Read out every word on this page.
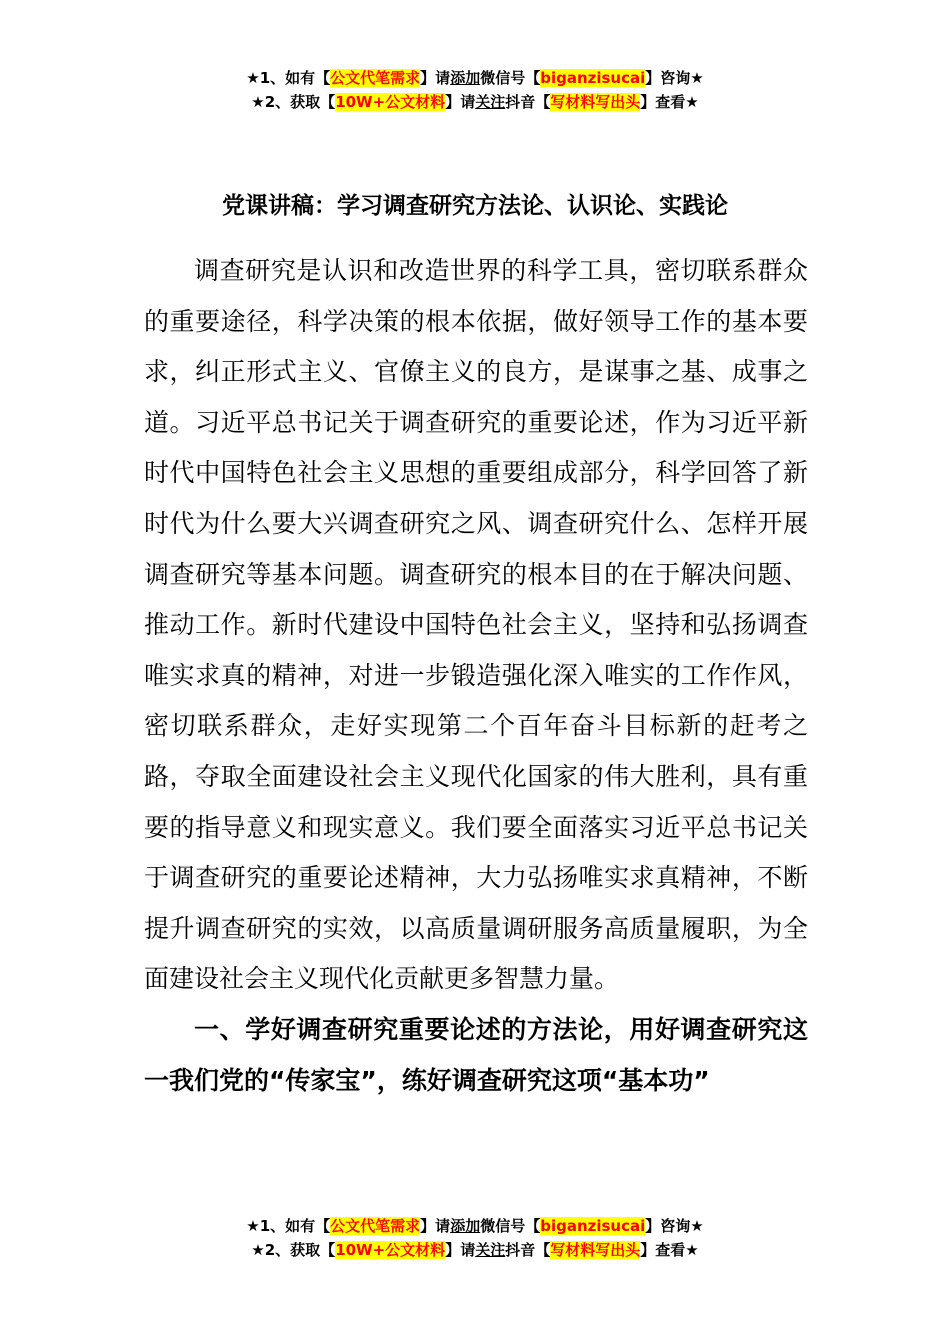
★1、如有【公文代笔需求】请添加微信号【biganzisucai】咨询★
★2、获取【10W+公文材料】请关注抖音【写材料写出头】查看★
党课讲稿：学习调查研究方法论、认识论、实践论

调查研究是认识和改造世界的科学工具，密切联系群众的重要途径，科学决策的根本依据，做好领导工作的基本要求，纠正形式主义、官僚主义的良方，是谋事之基、成事之道。习近平总书记关于调查研究的重要论述，作为习近平新时代中国特色社会主义思想的重要组成部分，科学回答了新时代为什么要大兴调查研究之风、调查研究什么、怎样开展调查研究等基本问题。调查研究的根本目的在于解决问题、推动工作。新时代建设中国特色社会主义，坚持和弘扬调查唯实求真的精神，对进一步锻造强化深入唯实的工作作风，密切联系群众，走好实现第二个百年奋斗目标新的赶考之路，夺取全面建设社会主义现代化国家的伟大胜利，具有重要的指导意义和现实意义。我们要全面落实习近平总书记关于调查研究的重要论述精神，大力弘扬唯实求真精神，不断提升调查研究的实效，以高质量调研服务高质量履职，为全面建设社会主义现代化贡献更多智慧力量。

一、学好调查研究重要论述的方法论，用好调查研究这一我们党的“传家宝”，练好调查研究这项“基本功”

★1、如有【公文代笔需求】请添加微信号【biganzisucai】咨询★
★2、获取【10W+公文材料】请关注抖音【写材料写出头】查看★
